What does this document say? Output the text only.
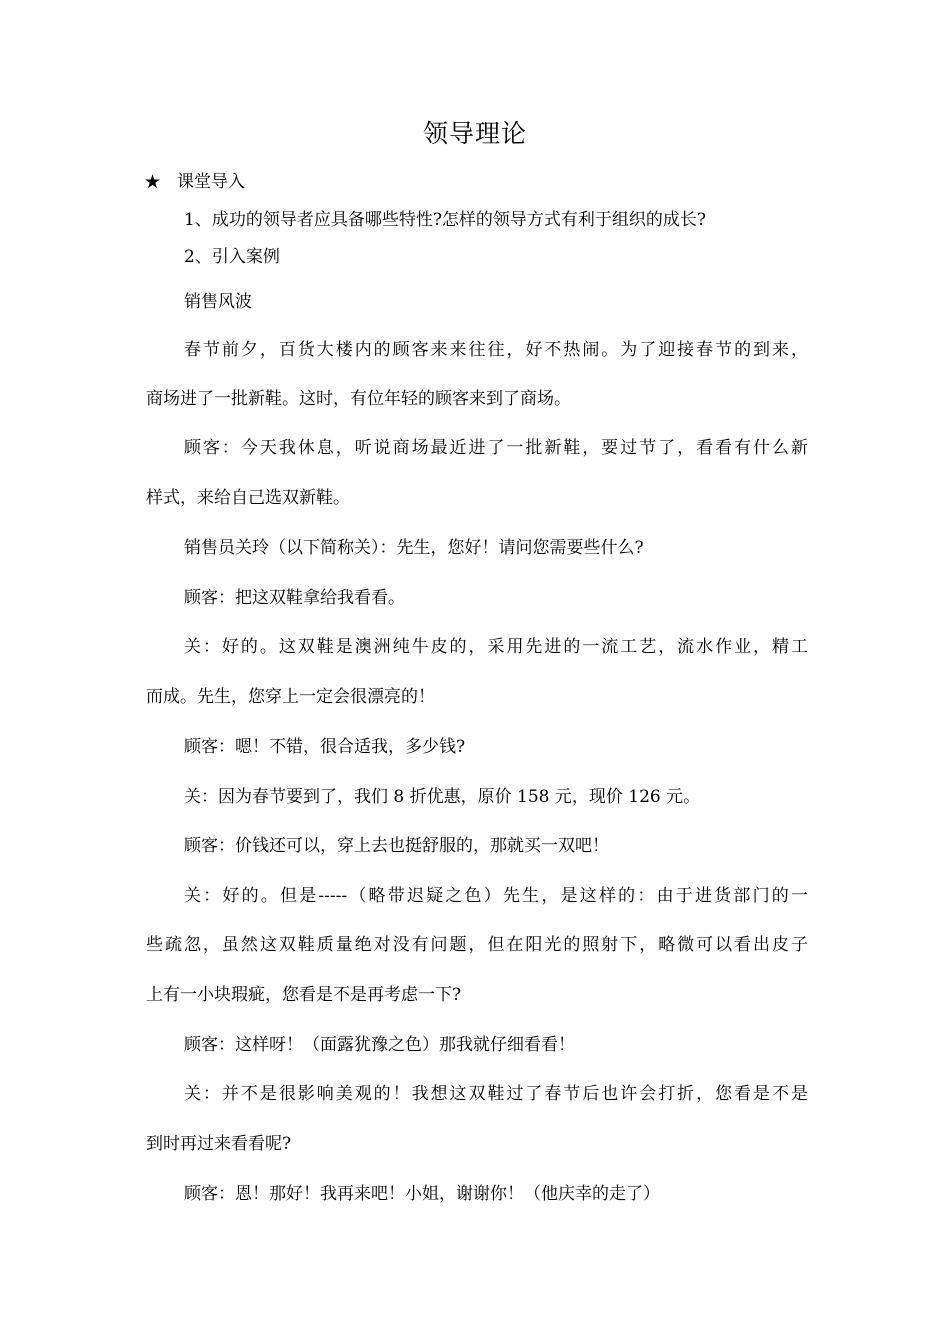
领导理论
★ 课堂导入
1、成功的领导者应具备哪些特性?怎样的领导方式有利于组织的成长?
2、引入案例
销售风波
春节前夕，百货大楼内的顾客来来往往，好不热闹。为了迎接春节的到来，
商场进了一批新鞋。这时，有位年轻的顾客来到了商场。
顾客：今天我休息，听说商场最近进了一批新鞋，要过节了，看看有什么新
样式，来给自己选双新鞋。
销售员关玲（以下简称关）：先生，您好！请问您需要些什么?
顾客：把这双鞋拿给我看看。
关：好的。这双鞋是澳洲纯牛皮的，采用先进的一流工艺，流水作业，精工
而成。先生，您穿上一定会很漂亮的！
顾客：嗯！不错，很合适我，多少钱?
关：因为春节要到了，我们 8 折优惠，原价 158 元，现价 126 元。
顾客：价钱还可以，穿上去也挺舒服的，那就买一双吧！
关：好的。但是-----（略带迟疑之色）先生，是这样的：由于进货部门的一
些疏忽，虽然这双鞋质量绝对没有问题，但在阳光的照射下，略微可以看出皮子
上有一小块瑕疵，您看是不是再考虑一下?
顾客：这样呀！（面露犹豫之色）那我就仔细看看！
关：并不是很影响美观的！我想这双鞋过了春节后也许会打折，您看是不是
到时再过来看看呢?
顾客：恩！那好！我再来吧！小姐，谢谢你！（他庆幸的走了）
